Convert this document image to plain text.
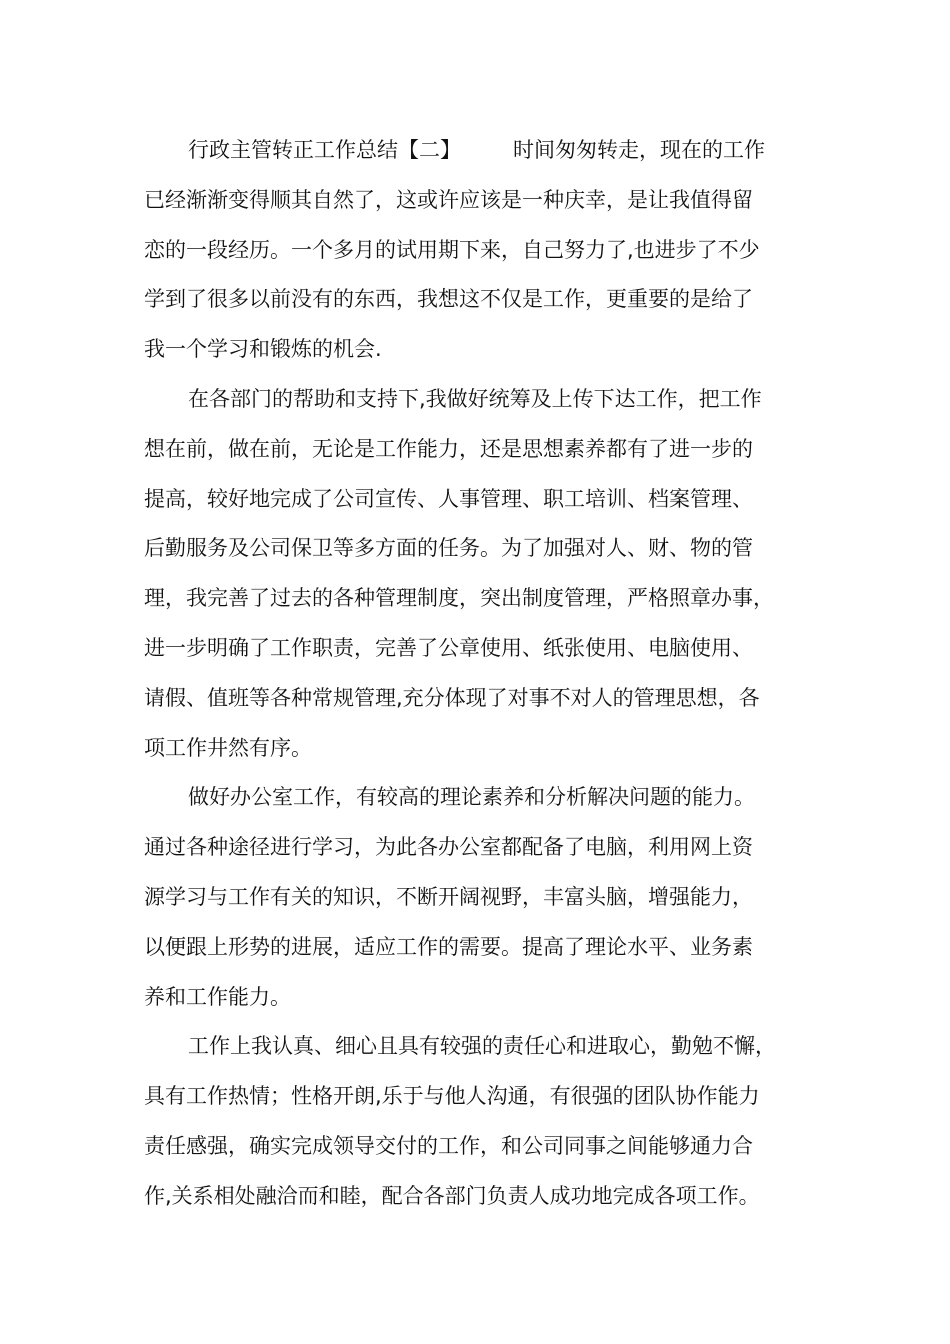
行政主管转正工作总结【二】 时间匆匆转走，现在的工作
已经渐渐变得顺其自然了，这或许应该是一种庆幸，是让我值得留
恋的一段经历。一个多月的试用期下来，自己努力了,也进步了不少
学到了很多以前没有的东西，我想这不仅是工作，更重要的是给了
我一个学习和锻炼的机会.
在各部门的帮助和支持下,我做好统筹及上传下达工作，把工作
想在前，做在前，无论是工作能力，还是思想素养都有了进一步的
提高，较好地完成了公司宣传、人事管理、职工培训、档案管理、
后勤服务及公司保卫等多方面的任务。为了加强对人、财、物的管
理，我完善了过去的各种管理制度，突出制度管理，严格照章办事，
进一步明确了工作职责，完善了公章使用、纸张使用、电脑使用、
请假、值班等各种常规管理,充分体现了对事不对人的管理思想，各
项工作井然有序。
做好办公室工作，有较高的理论素养和分析解决问题的能力。
通过各种途径进行学习，为此各办公室都配备了电脑，利用网上资
源学习与工作有关的知识，不断开阔视野，丰富头脑，增强能力，
以便跟上形势的进展，适应工作的需要。提高了理论水平、业务素
养和工作能力。
工作上我认真、细心且具有较强的责任心和进取心，勤勉不懈，
具有工作热情；性格开朗,乐于与他人沟通，有很强的团队协作能力
责任感强，确实完成领导交付的工作，和公司同事之间能够通力合
作,关系相处融洽而和睦，配合各部门负责人成功地完成各项工作。
